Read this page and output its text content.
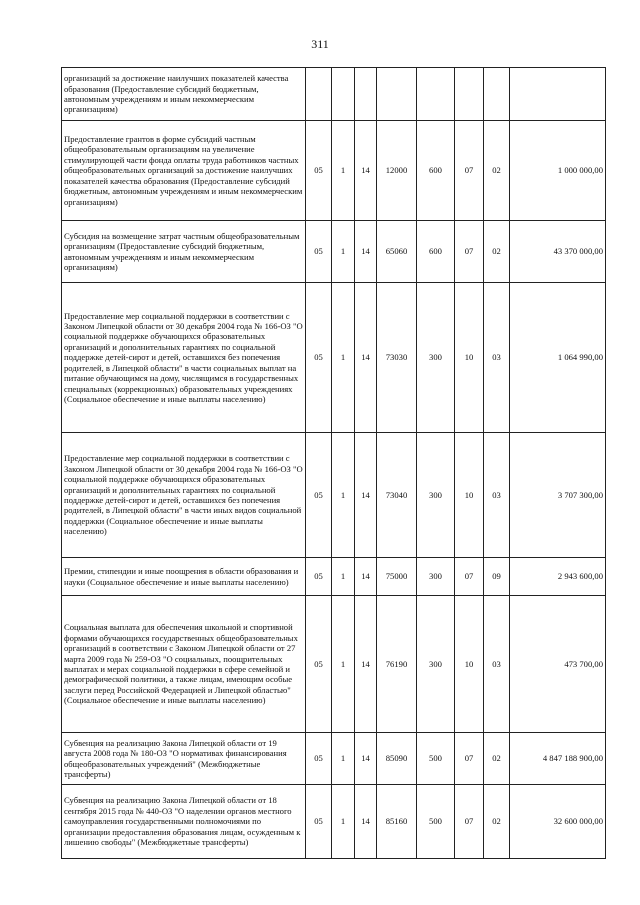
311
организаций за достижение наилучших показателей качества образования (Предоставление субсидий бюджетным, автономным учреждениям и иным некоммерческим организациям)								
Предоставление грантов в форме субсидий частным общеобразовательным организациям на увеличение стимулирующей части фонда оплаты труда работников частных общеобразовательных организаций за достижение наилучших показателей качества образования (Предоставление субсидий бюджетным, автономным учреждениям и иным некоммерческим организациям)	05	1	14	12000	600	07	02	1 000 000,00
Субсидия на возмещение затрат частным общеобразовательным организациям (Предоставление субсидий бюджетным, автономным учреждениям и иным некоммерческим организациям)	05	1	14	65060	600	07	02	43 370 000,00
Предоставление мер социальной поддержки в соответствии с Законом Липецкой области от 30 декабря 2004 года № 166-ОЗ "О социальной поддержке обучающихся образовательных организаций и дополнительных гарантиях по социальной поддержке детей-сирот и детей, оставшихся без попечения родителей, в Липецкой области" в части социальных выплат на питание обучающимся на дому, числящимся в государственных специальных (коррекционных) образовательных учреждениях (Социальное обеспечение и иные выплаты населению)	05	1	14	73030	300	10	03	1 064 990,00
Предоставление мер социальной поддержки в соответствии с Законом Липецкой области от 30 декабря 2004 года № 166-ОЗ "О социальной поддержке обучающихся образовательных организаций и дополнительных гарантиях по социальной поддержке детей-сирот и детей, оставшихся без попечения родителей, в Липецкой области" в части иных видов социальной поддержки (Социальное обеспечение и иные выплаты населению)	05	1	14	73040	300	10	03	3 707 300,00
Премии, стипендии и иные поощрения в области образования и науки (Социальное обеспечение и иные выплаты населению)	05	1	14	75000	300	07	09	2 943 600,00
Социальная выплата для обеспечения школьной и спортивной формами обучающихся государственных общеобразовательных организаций в соответствии с Законом Липецкой области от 27 марта 2009 года № 259-ОЗ "О социальных, поощрительных выплатах и мерах социальной поддержки в сфере семейной и демографической политики, а также лицам, имеющим особые заслуги перед Российской Федерацией и Липецкой областью" (Социальное обеспечение и иные выплаты населению)	05	1	14	76190	300	10	03	473 700,00
Субвенция на реализацию Закона Липецкой области от 19 августа 2008 года № 180-ОЗ "О нормативах финансирования общеобразовательных учреждений" (Межбюджетные трансферты)	05	1	14	85090	500	07	02	4 847 188 900,00
Субвенция на реализацию Закона Липецкой области от 18 сентября 2015 года № 440-ОЗ "О наделении органов местного самоуправления государственными полномочиями по организации предоставления образования лицам, осужденным к лишению свободы" (Межбюджетные трансферты)	05	1	14	85160	500	07	02	32 600 000,00
